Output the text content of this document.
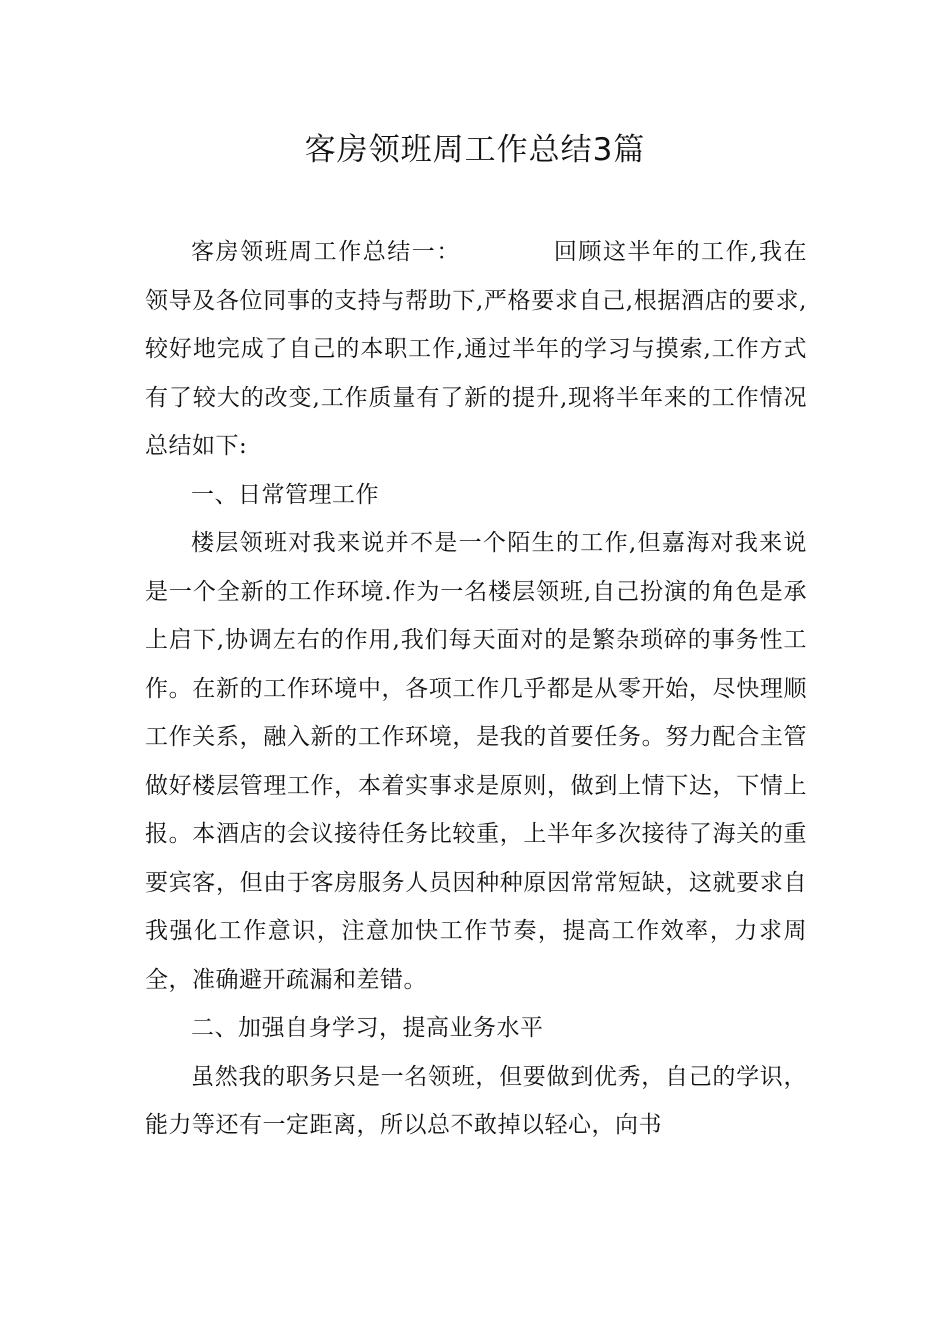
客房领班周工作总结3篇

客房领班周工作总结一：	回顾这半年的工作,我在领导及各位同事的支持与帮助下,严格要求自己,根据酒店的要求,较好地完成了自己的本职工作,通过半年的学习与摸索,工作方式有了较大的改变,工作质量有了新的提升,现将半年来的工作情况总结如下:

一、日常管理工作

楼层领班对我来说并不是一个陌生的工作,但嘉海对我来说是一个全新的工作环境.作为一名楼层领班,自己扮演的角色是承上启下,协调左右的作用,我们每天面对的是繁杂琐碎的事务性工作。在新的工作环境中，各项工作几乎都是从零开始，尽快理顺工作关系，融入新的工作环境，是我的首要任务。努力配合主管做好楼层管理工作，本着实事求是原则，做到上情下达，下情上报。本酒店的会议接待任务比较重，上半年多次接待了海关的重要宾客，但由于客房服务人员因种种原因常常短缺，这就要求自我强化工作意识，注意加快工作节奏，提高工作效率，力求周全，准确避开疏漏和差错。

二、加强自身学习，提高业务水平

虽然我的职务只是一名领班，但要做到优秀，自己的学识，能力等还有一定距离，所以总不敢掉以轻心，向书
